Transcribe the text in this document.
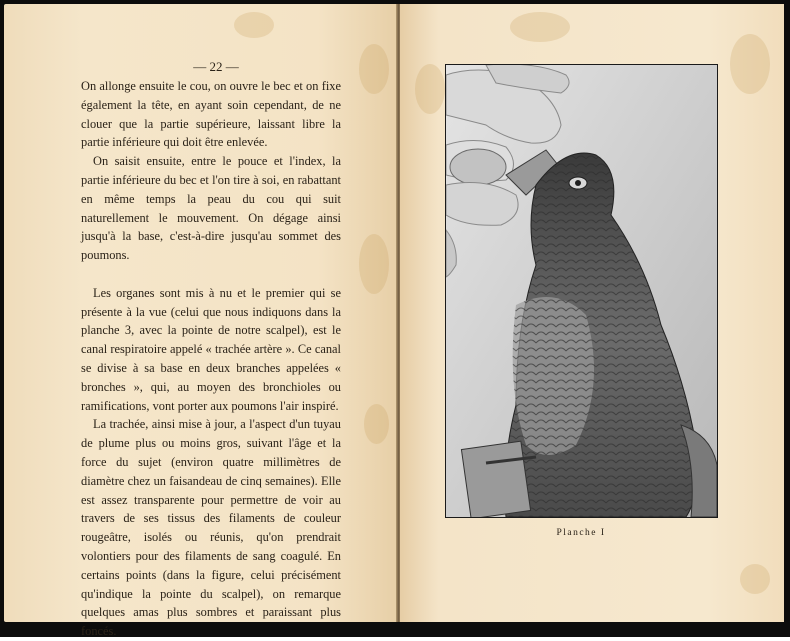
— 22 —

On allonge ensuite le cou, on ouvre le bec et on fixe également la tête, en ayant soin cependant, de ne clouer que la partie supérieure, laissant libre la partie inférieure qui doit être enlevée.

On saisit ensuite, entre le pouce et l'index, la partie inférieure du bec et l'on tire à soi, en rabattant en même temps la peau du cou qui suit naturellement le mouvement. On dégage ainsi jusqu'à la base, c'est-à-dire jusqu'au sommet des poumons.

Les organes sont mis à nu et le premier qui se présente à la vue (celui que nous indiquons dans la planche 3, avec la pointe de notre scalpel), est le canal respiratoire appelé « trachée artère ». Ce canal se divise à sa base en deux branches appelées « bronches », qui, au moyen des bronchioles ou ramifications, vont porter aux poumons l'air inspiré.

La trachée, ainsi mise à jour, a l'aspect d'un tuyau de plume plus ou moins gros, suivant l'âge et la force du sujet (environ quatre millimètres de diamètre chez un faisandeau de cinq semaines). Elle est assez transparente pour permettre de voir au travers de ses tissus des filaments de couleur rougeâtre, isolés ou réunis, qu'on prendrait volontiers pour des filaments de sang coagulé. En certains points (dans la figure, celui précisément qu'indique la pointe du scalpel), on remarque quelques amas plus sombres et paraissant plus foncés.

Planche I
